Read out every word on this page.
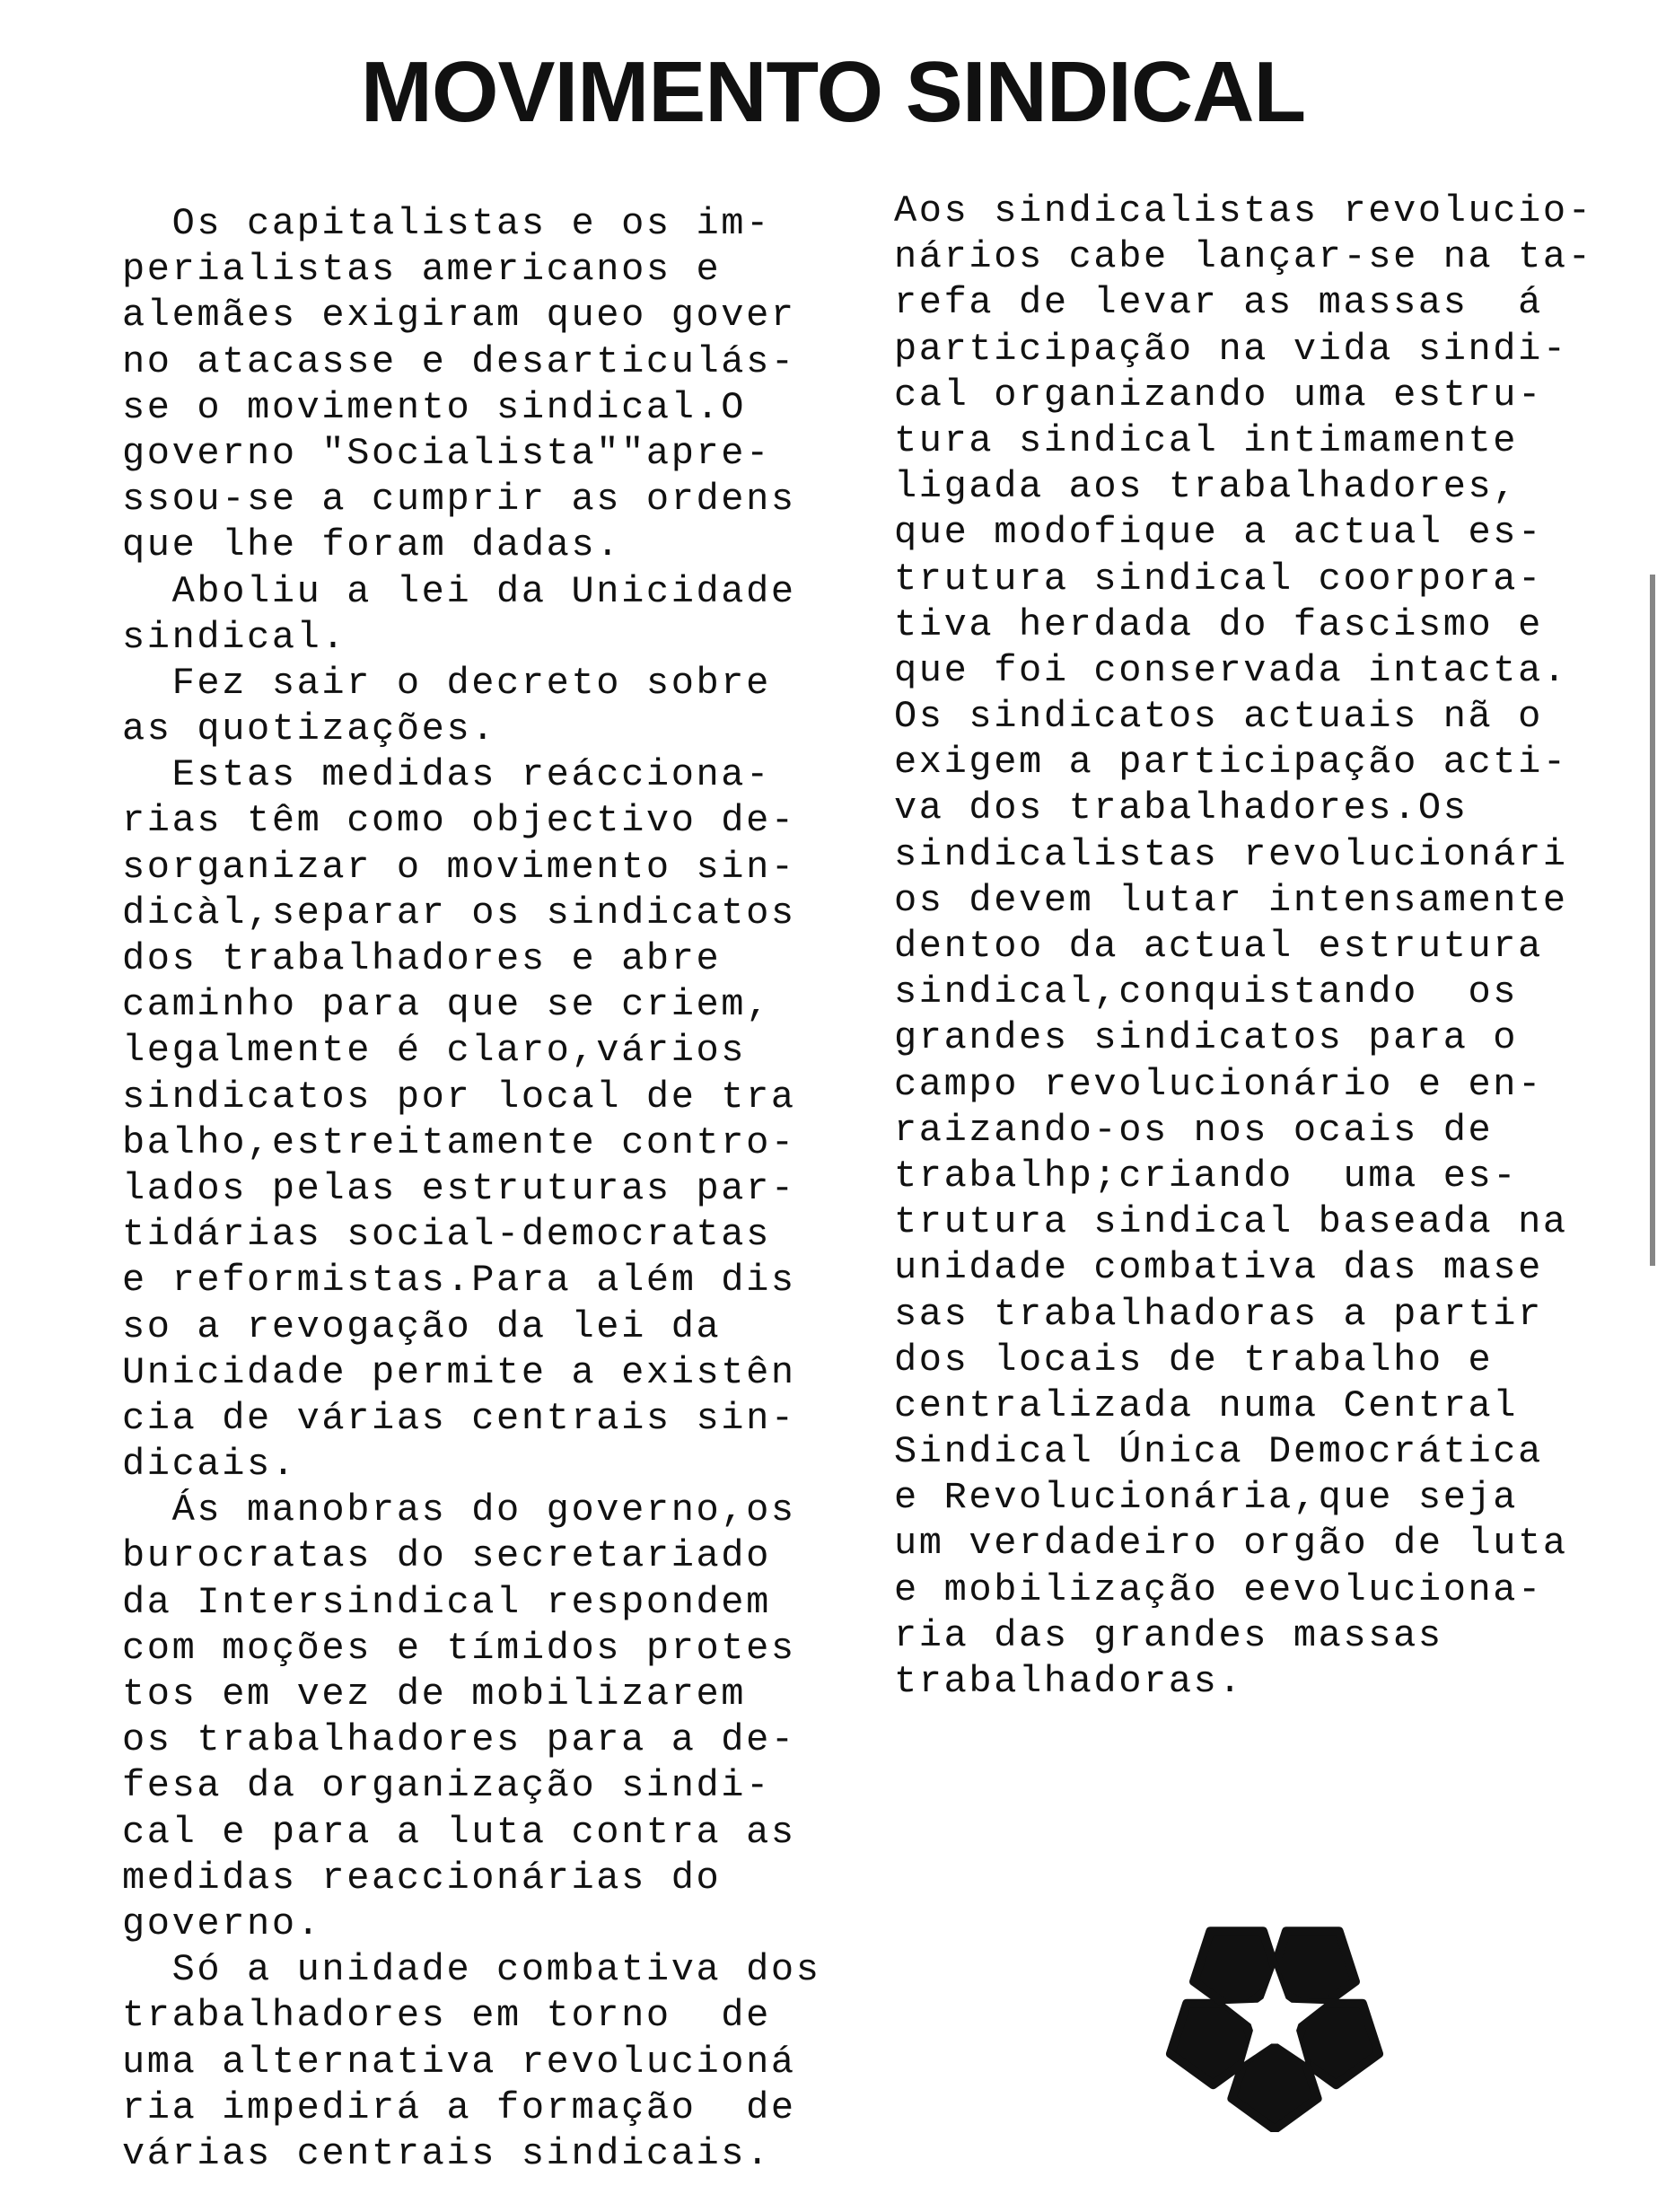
MOVIMENTO SINDICAL
Os capitalistas e os im-
perialistas americanos e
alemães exigiram queo gover
no atacasse e desarticulás-
se o movimento sindical.O
governo "Socialista""apre-
ssou-se a cumprir as ordens
que lhe foram dadas.
Aboliu a lei da Unicidade
sindical.
Fez sair o decreto sobre
as quotizações.
Estas medidas reácciona-
rias têm como objectivo de-
sorganizar o movimento sin-
dicàl,separar os sindicatos
dos trabalhadores e abre
caminho para que se criem,
legalmente é claro,vários
sindicatos por local de tra
balho,estreitamente contro-
lados pelas estruturas par-
tidárias social-democratas
e reformistas.Para além dis
so a revogação da lei da
Unicidade permite a existên
cia de várias centrais sin-
dicais.
Ás manobras do governo,os
burocratas do secretariado
da Intersindical respondem
com moções e tímidos protes
tos em vez de mobilizarem
os trabalhadores para a de-
fesa da organização sindi-
cal e para a luta contra as
medidas reaccionárias do
governo.
Só a unidade combativa dos
trabalhadores em torno  de
uma alternativa revolucioná
ria impedirá a formação  de
várias centrais sindicais.
Aos sindicalistas revolucio-
nários cabe lançar-se na ta-
refa de levar as massas  á
participação na vida sindi-
cal organizando uma estru-
tura sindical intimamente
ligada aos trabalhadores,
que modofique a actual es-
trutura sindical coorpora-
tiva herdada do fascismo e
que foi conservada intacta.
Os sindicatos actuais nã o
exigem a participação acti-
va dos trabalhadores.Os
sindicalistas revolucionári
os devem lutar intensamente
dentoo da actual estrutura
sindical,conquistando  os
grandes sindicatos para o
campo revolucionário e en-
raizando-os nos ocais de
trabalhp;criando  uma es-
trutura sindical baseada na
unidade combativa das mase
sas trabalhadoras a partir
dos locais de trabalho e
centralizada numa Central
Sindical Única Democrática
e Revolucionária,que seja
um verdadeiro orgão de luta
e mobilização eevoluciona-
ria das grandes massas
trabalhadoras.
